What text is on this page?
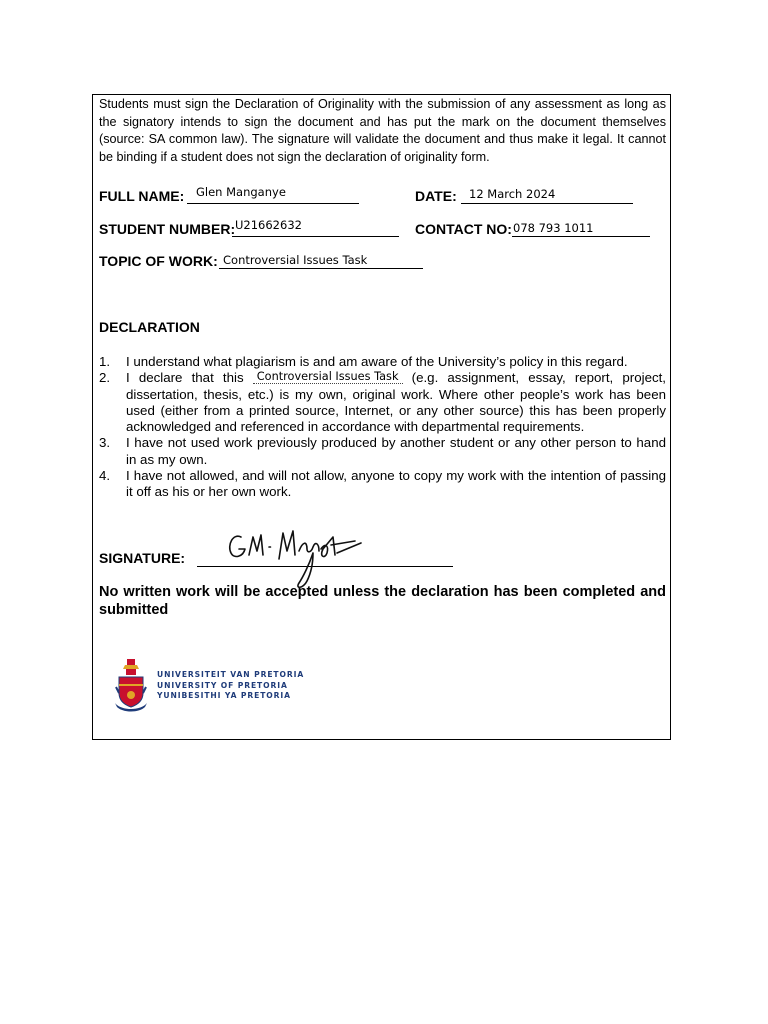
Students must sign the Declaration of Originality with the submission of any assessment as long as the signatory intends to sign the document and has put the mark on the document themselves (source: SA common law). The signature will validate the document and thus make it legal. It cannot be binding if a student does not sign the declaration of originality form.

FULL NAME: Glen Manganye	DATE: 12 March 2024
STUDENT NUMBER: U21662632	CONTACT NO: 078 793 1011
TOPIC OF WORK: Controversial Issues Task
DECLARATION
1. I understand what plagiarism is and am aware of the University’s policy in this regard.
2. I declare that this Controversial Issues Task (e.g. assignment, essay, report, project, dissertation, thesis, etc.) is my own, original work. Where other people’s work has been used (either from a printed source, Internet, or any other source) this has been properly acknowledged and referenced in accordance with departmental requirements.
3. I have not used work previously produced by another student or any other person to hand in as my own.
4. I have not allowed, and will not allow, anyone to copy my work with the intention of passing it off as his or her own work.
SIGNATURE:

No written work will be accepted unless the declaration has been completed and submitted

UNIVERSITEIT VAN PRETORIA
UNIVERSITY OF PRETORIA
YUNIBESITHI YA PRETORIA
